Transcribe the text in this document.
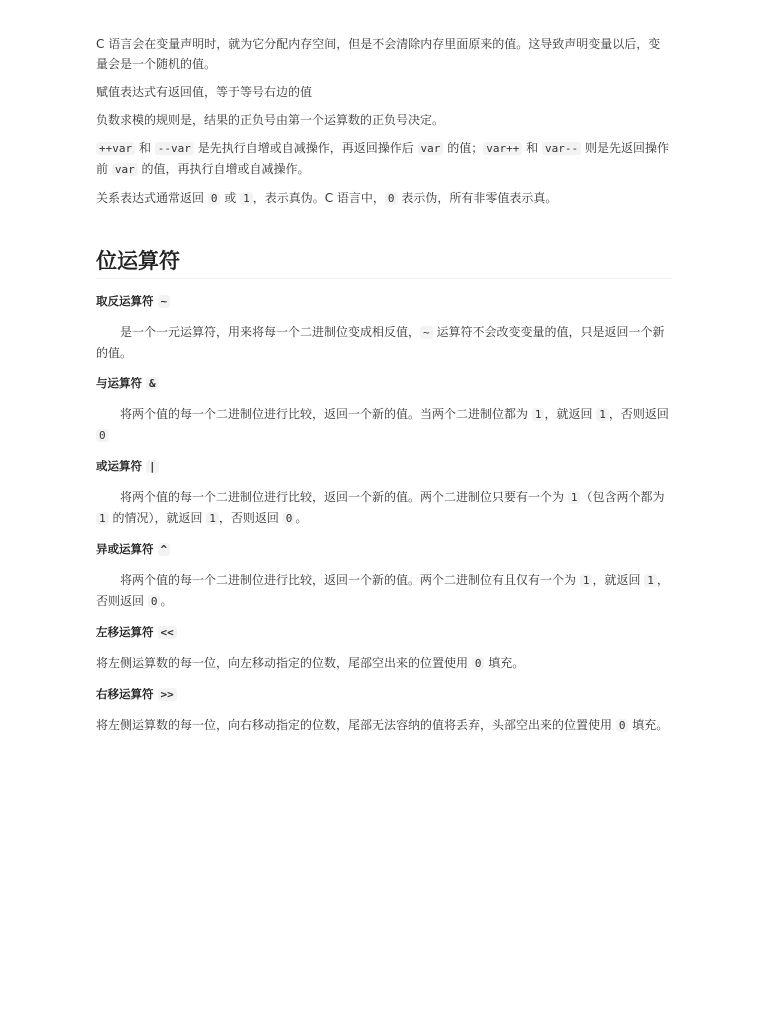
C 语言会在变量声明时，就为它分配内存空间，但是不会清除内存里面原来的值。这导致声明变量以后，变量会是一个随机的值。

赋值表达式有返回值，等于等号右边的值

负数求模的规则是，结果的正负号由第一个运算数的正负号决定。

++var 和 --var 是先执行自增或自减操作，再返回操作后 var 的值； var++ 和 var-- 则是先返回操作前 var 的值，再执行自增或自减操作。

关系表达式通常返回 0 或 1 ，表示真伪。C 语言中， 0 表示伪，所有非零值表示真。

位运算符

取反运算符 ~

是一个一元运算符，用来将每一个二进制位变成相反值， ~ 运算符不会改变变量的值，只是返回一个新的值。

与运算符 &

将两个值的每一个二进制位进行比较，返回一个新的值。当两个二进制位都为 1 ，就返回 1 ，否则返回 0

或运算符 |

将两个值的每一个二进制位进行比较，返回一个新的值。两个二进制位只要有一个为 1 （包含两个都为 1 的情况），就返回 1 ，否则返回 0 。

异或运算符 ^

将两个值的每一个二进制位进行比较，返回一个新的值。两个二进制位有且仅有一个为 1 ，就返回 1 ，否则返回 0 。

左移运算符 <<

将左侧运算数的每一位，向左移动指定的位数，尾部空出来的位置使用 0 填充。

右移运算符 >>

将左侧运算数的每一位，向右移动指定的位数，尾部无法容纳的值将丢弃，头部空出来的位置使用 0 填充。
